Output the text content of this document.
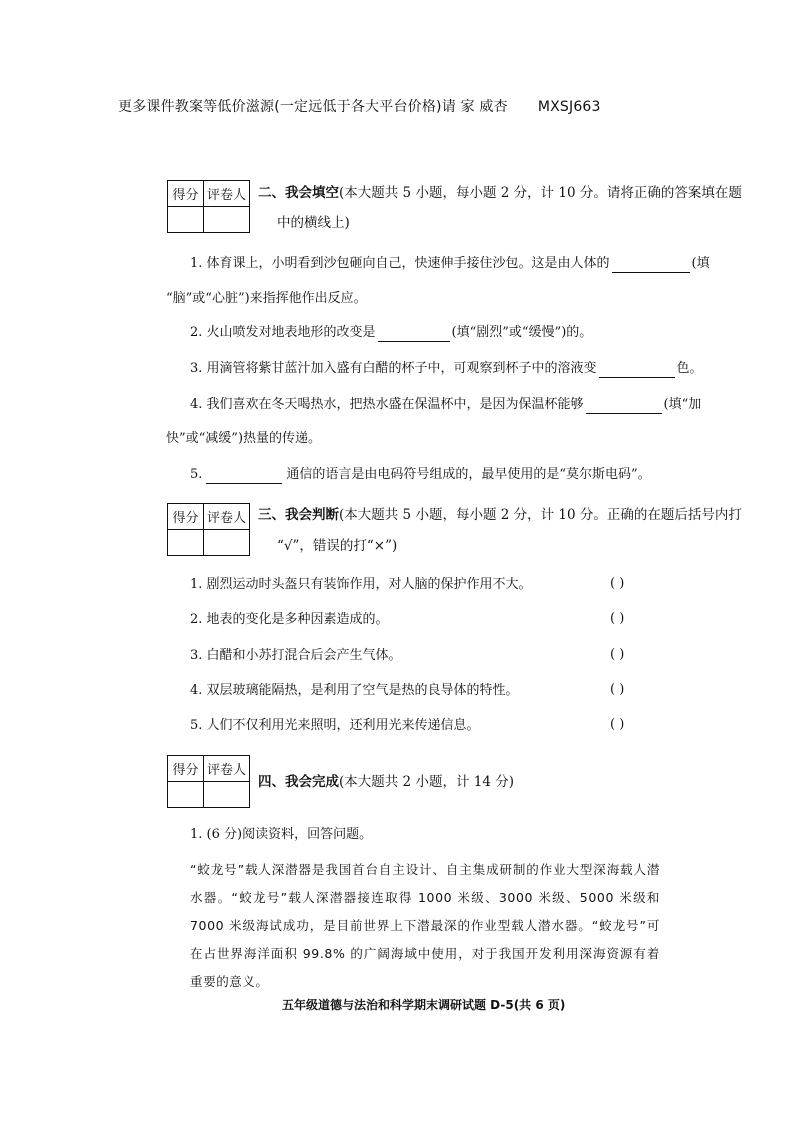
更多课件教案等低价滋源(一定远低于各大平台价格)请 家 威杏 MXSJ663
得分	评卷人
	二、我会填空(本大题共 5 小题，每小题 2 分，计 10 分。请将正确的答案填在题
中的横线上)
1. 体育课上，小明看到沙包砸向自己，快速伸手接住沙包。这是由人体的	(填
“脑”或“心脏”)来指挥他作出反应。
2. 火山喷发对地表地形的改变是	(填“剧烈”或“缓慢”)的。
3. 用滴管将紫甘蓝汁加入盛有白醋的杯子中，可观察到杯子中的溶液变	色。
4. 我们喜欢在冬天喝热水，把热水盛在保温杯中，是因为保温杯能够	(填“加
快”或“减缓”)热量的传递。
5.	通信的语言是由电码符号组成的，最早使用的是“莫尔斯电码”。
得分	评卷人
	三、我会判断(本大题共 5 小题，每小题 2 分，计 10 分。正确的在题后括号内打
“√”，错误的打“×”)
1. 剧烈运动时头盔只有装饰作用，对人脑的保护作用不大。	( )
2. 地表的变化是多种因素造成的。	( )
3. 白醋和小苏打混合后会产生气体。	( )
4. 双层玻璃能隔热，是利用了空气是热的良导体的特性。	( )
5. 人们不仅利用光来照明，还利用光来传递信息。	( )
得分	评卷人

四、我会完成(本大题共 2 小题，计 14 分)
1. (6 分)阅读资料，回答问题。
“蛟龙号”载人深潜器是我国首台自主设计、自主集成研制的作业大型深海载人潜水器。“蛟龙号”载人深潜器接连取得 1000 米级、3000 米级、5000 米级和 7000 米级海试成功，是目前世界上下潜最深的作业型载人潜水器。“蛟龙号”可在占世界海洋面积 99.8% 的广阔海域中使用，对于我国开发利用深海资源有着重要的意义。
五年级道德与法治和科学期末调研试题 D-5(共 6 页)
